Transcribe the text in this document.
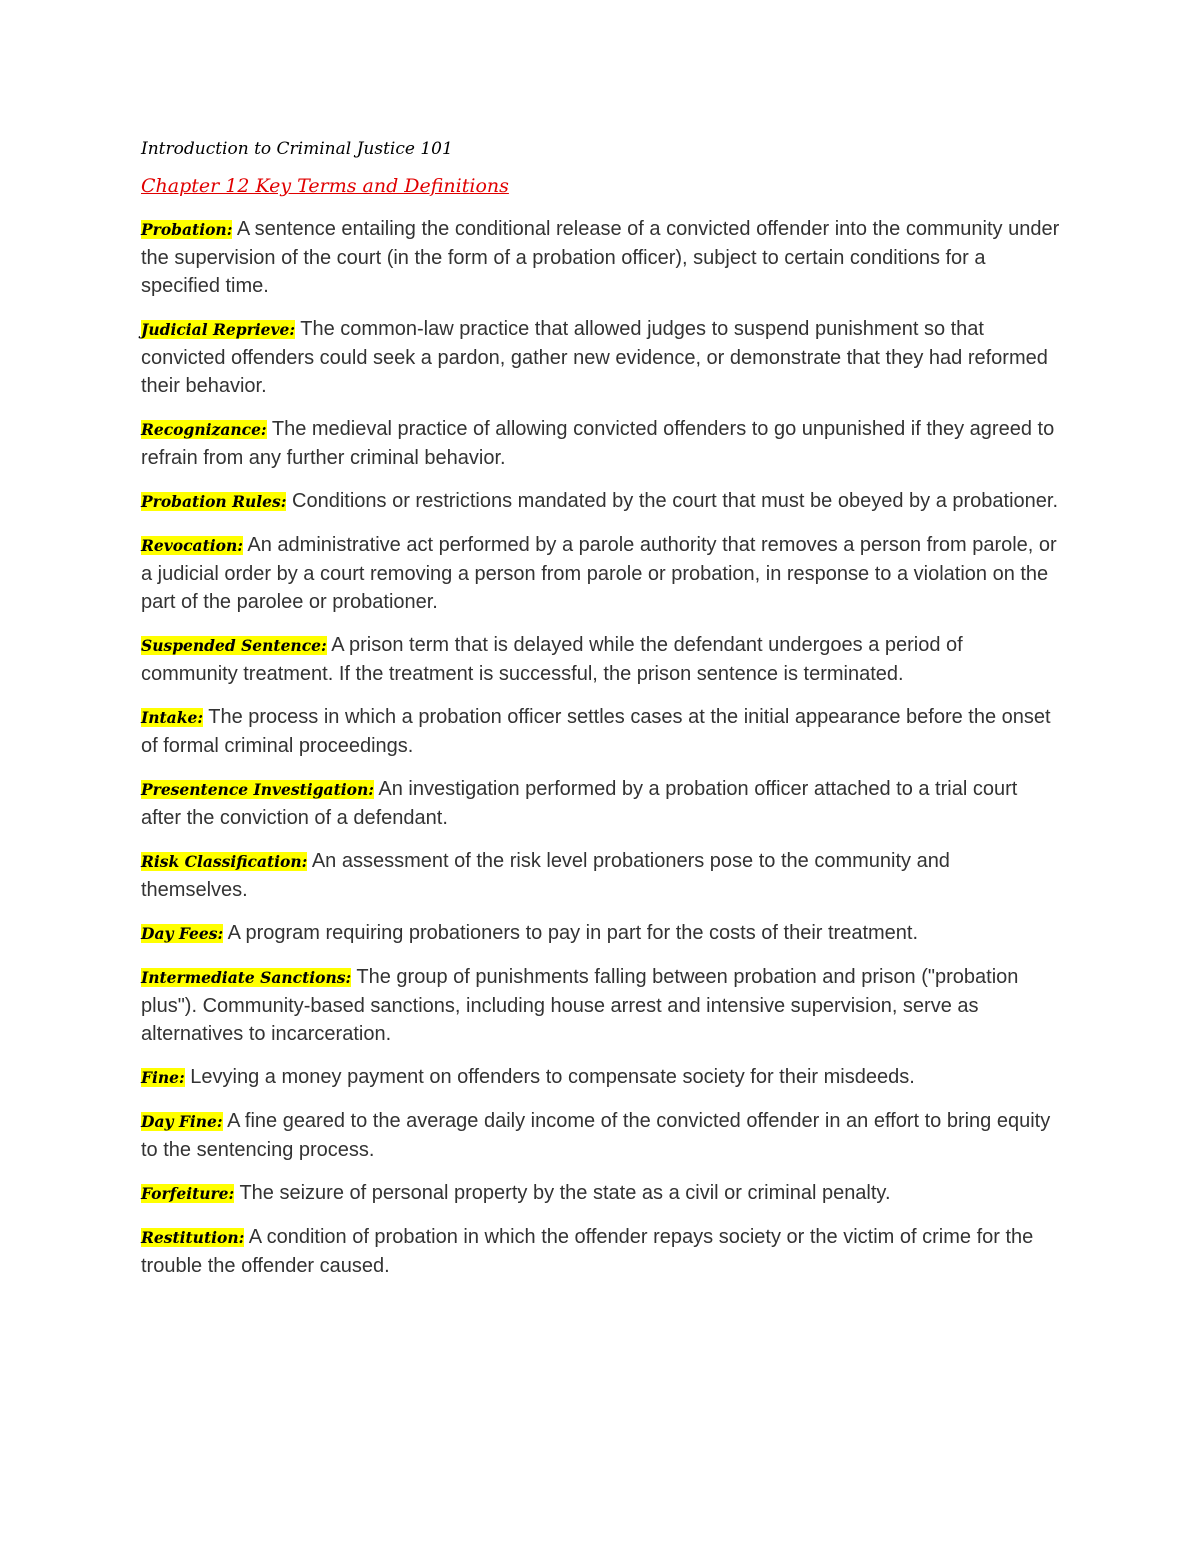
Introduction to Criminal Justice 101
Chapter 12 Key Terms and Definitions

Probation: A sentence entailing the conditional release of a convicted offender into the community under the supervision of the court (in the form of a probation officer), subject to certain conditions for a specified time.

Judicial Reprieve: The common-law practice that allowed judges to suspend punishment so that convicted offenders could seek a pardon, gather new evidence, or demonstrate that they had reformed their behavior.

Recognizance: The medieval practice of allowing convicted offenders to go unpunished if they agreed to refrain from any further criminal behavior.

Probation Rules: Conditions or restrictions mandated by the court that must be obeyed by a probationer.

Revocation: An administrative act performed by a parole authority that removes a person from parole, or a judicial order by a court removing a person from parole or probation, in response to a violation on the part of the parolee or probationer.

Suspended Sentence: A prison term that is delayed while the defendant undergoes a period of community treatment. If the treatment is successful, the prison sentence is terminated.

Intake: The process in which a probation officer settles cases at the initial appearance before the onset of formal criminal proceedings.

Presentence Investigation: An investigation performed by a probation officer attached to a trial court after the conviction of a defendant.

Risk Classification: An assessment of the risk level probationers pose to the community and themselves.

Day Fees: A program requiring probationers to pay in part for the costs of their treatment.

Intermediate Sanctions: The group of punishments falling between probation and prison ("probation plus"). Community-based sanctions, including house arrest and intensive supervision, serve as alternatives to incarceration.

Fine: Levying a money payment on offenders to compensate society for their misdeeds.

Day Fine: A fine geared to the average daily income of the convicted offender in an effort to bring equity to the sentencing process.

Forfeiture: The seizure of personal property by the state as a civil or criminal penalty.

Restitution: A condition of probation in which the offender repays society or the victim of crime for the trouble the offender caused.
